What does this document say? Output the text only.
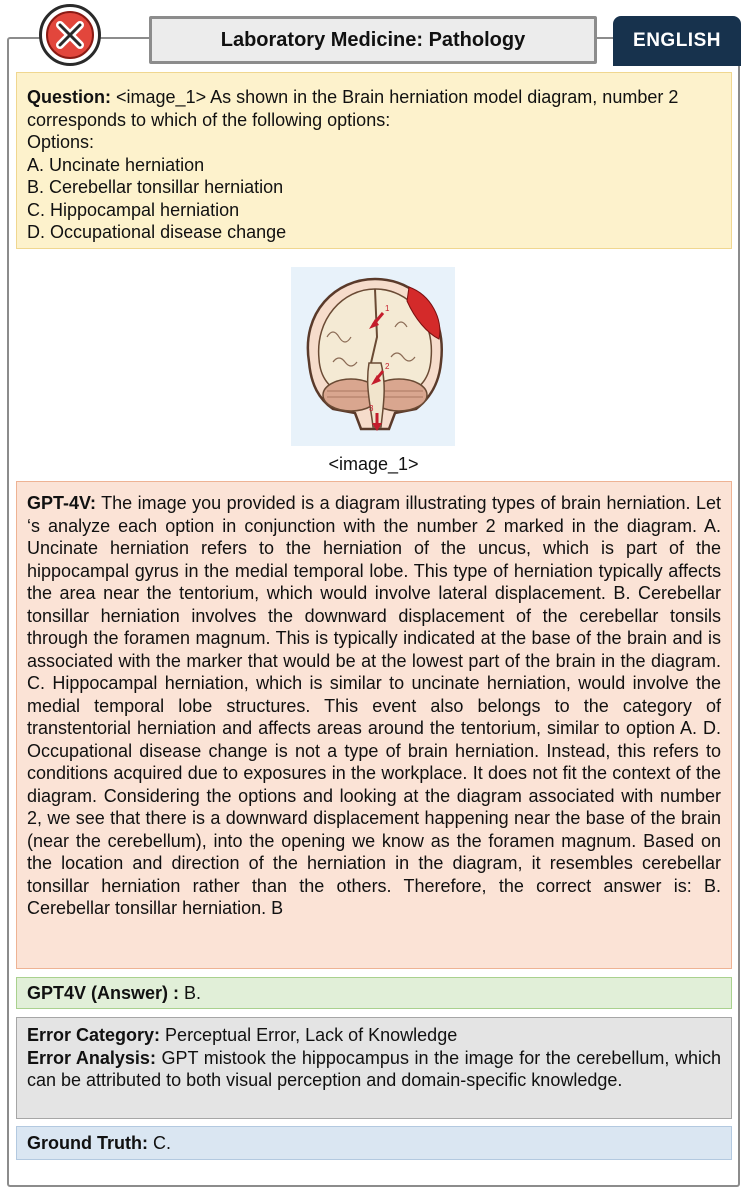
Laboratory Medicine: Pathology	ENGLISH
Question: <image_1> As shown in the Brain herniation model diagram, number 2 corresponds to which of the following options:
Options:
A. Uncinate herniation
B. Cerebellar tonsillar herniation
C. Hippocampal herniation
D. Occupational disease change
1
2
3
<image_1>
GPT-4V: The image you provided is a diagram illustrating types of brain herniation. Let ‘s analyze each option in conjunction with the number 2 marked in the diagram. A. Uncinate herniation refers to the herniation of the uncus, which is part of the hippocampal gyrus in the medial temporal lobe. This type of herniation typically affects the area near the tentorium, which would involve lateral displacement. B. Cerebellar tonsillar herniation involves the downward displacement of the cerebellar tonsils through the foramen magnum. This is typically indicated at the base of the brain and is associated with the marker that would be at the lowest part of the brain in the diagram. C. Hippocampal herniation, which is similar to uncinate herniation, would involve the medial temporal lobe structures. This event also belongs to the category of transtentorial herniation and affects areas around the tentorium, similar to option A. D. Occupational disease change is not a type of brain herniation. Instead, this refers to conditions acquired due to exposures in the workplace. It does not fit the context of the diagram. Considering the options and looking at the diagram associated with number 2, we see that there is a downward displacement happening near the base of the brain (near the cerebellum), into the opening we know as the foramen magnum. Based on the location and direction of the herniation in the diagram, it resembles cerebellar tonsillar herniation rather than the others. Therefore, the correct answer is: B. Cerebellar tonsillar herniation. B
GPT4V (Answer) : B.
Error Category: Perceptual Error, Lack of Knowledge
Error Analysis: GPT mistook the hippocampus in the image for the cerebellum, which can be attributed to both visual perception and domain-specific knowledge.
Ground Truth: C.
